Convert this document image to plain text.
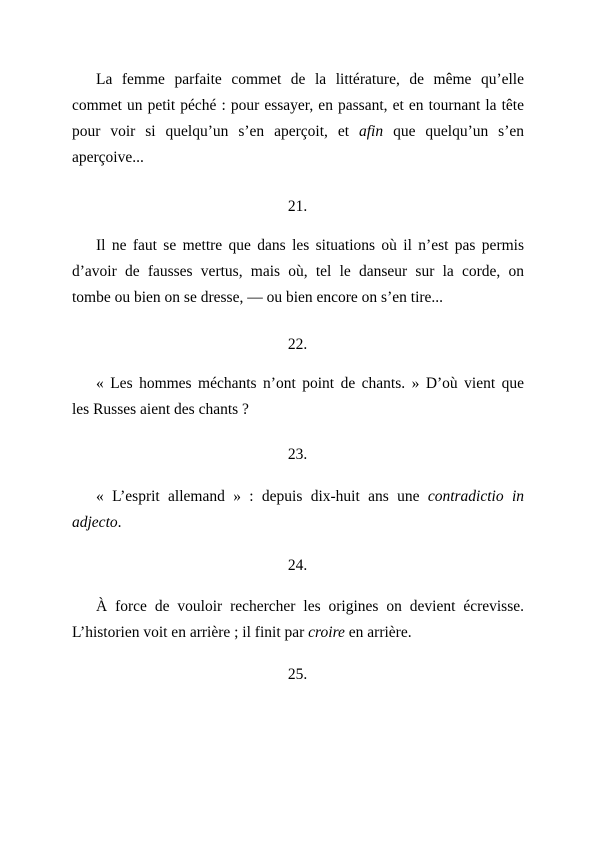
La femme parfaite commet de la littérature, de même qu’elle
commet un petit péché : pour essayer, en passant, et en tournant la tête
pour voir si quelqu’un s’en aperçoit, et afin que quelqu’un s’en
aperçoive...
21.
Il ne faut se mettre que dans les situations où il n’est pas permis
d’avoir de fausses vertus, mais où, tel le danseur sur la corde, on
tombe ou bien on se dresse, — ou bien encore on s’en tire...
22.
« Les hommes méchants n’ont point de chants. » D’où vient que
les Russes aient des chants ?
23.
« L’esprit allemand » : depuis dix-huit ans une contradictio in
adjecto.
24.
À force de vouloir rechercher les origines on devient écrevisse.
L’historien voit en arrière ; il finit par croire en arrière.
25.
